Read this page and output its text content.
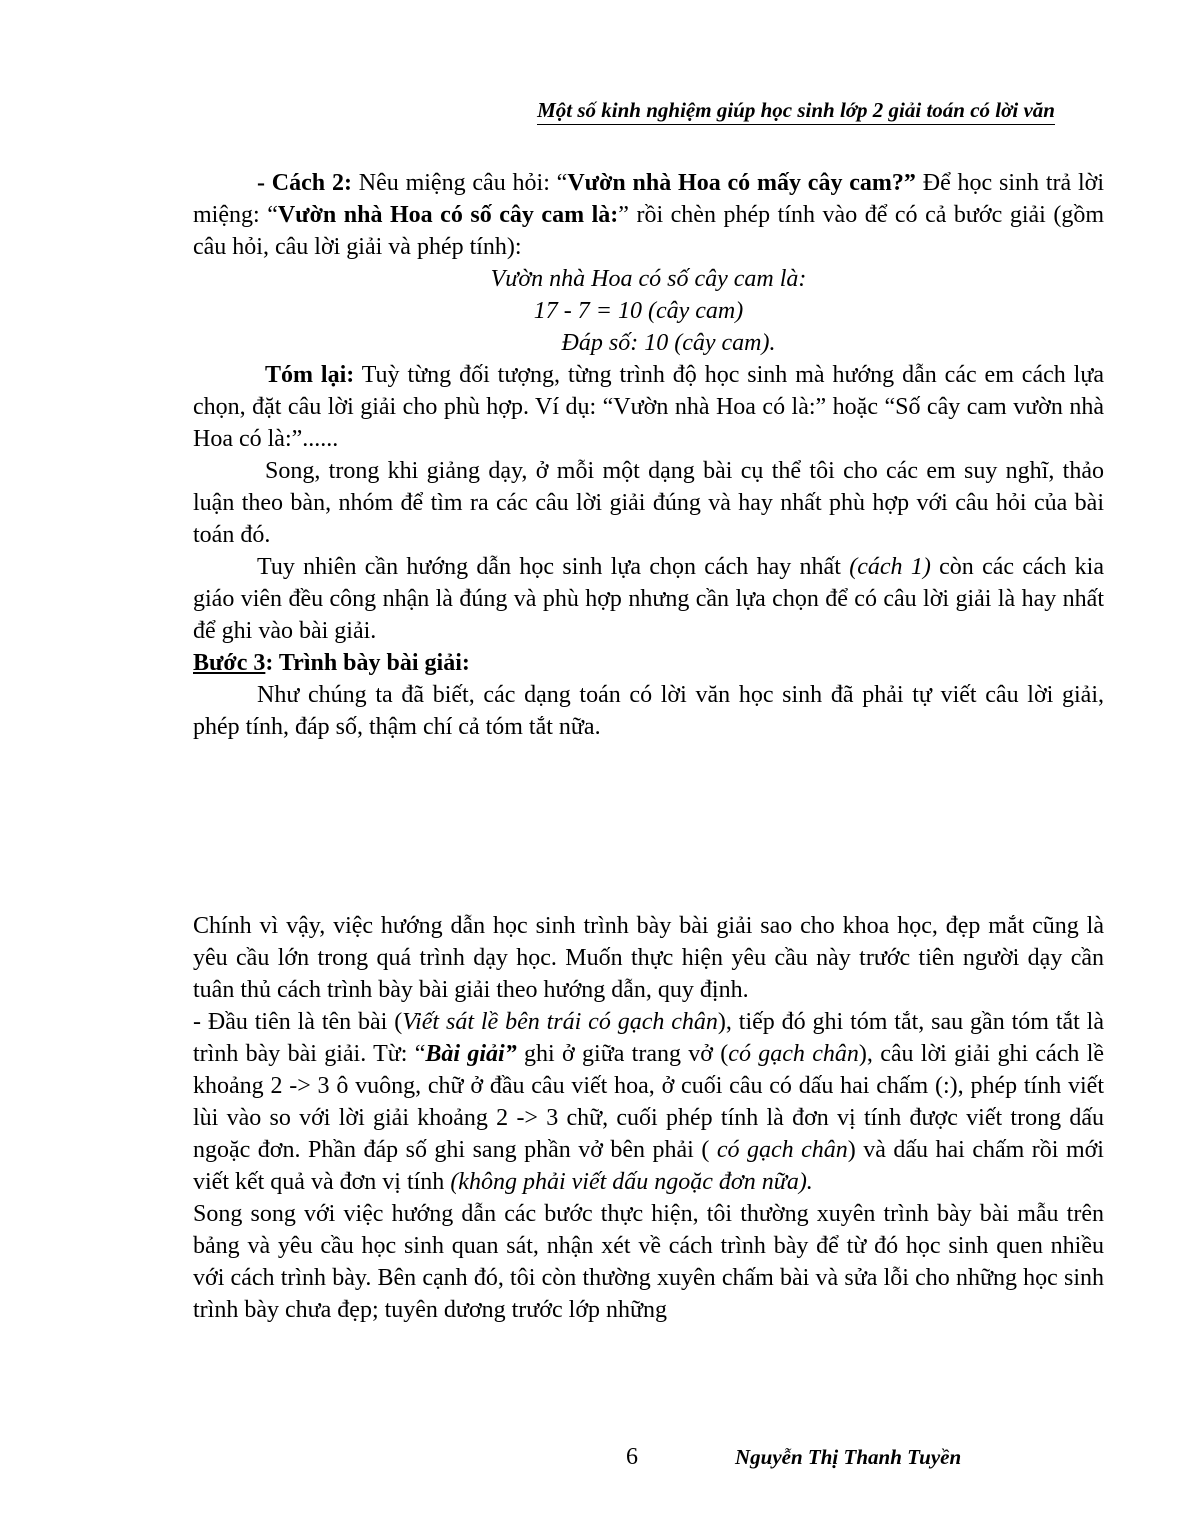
Một số kinh nghiệm giúp học sinh lớp 2 giải toán có lời văn

- Cách 2: Nêu miệng câu hỏi: “Vườn nhà Hoa có mấy cây cam?” Để học sinh trả lời miệng: “Vườn nhà Hoa có số cây cam là:” rồi chèn phép tính vào để có cả bước giải (gồm câu hỏi, câu lời giải và phép tính):

Vườn nhà Hoa có số cây cam là:

17 - 7 = 10 (cây cam)

Đáp số: 10 (cây cam).

Tóm lại: Tuỳ từng đối tượng, từng trình độ học sinh mà hướng dẫn các em cách lựa chọn, đặt câu lời giải cho phù hợp. Ví dụ: “Vườn nhà Hoa có là:” hoặc “Số cây cam vườn nhà Hoa có là:”......

Song, trong khi giảng dạy, ở mỗi một dạng bài cụ thể tôi cho các em suy nghĩ, thảo luận theo bàn, nhóm để tìm ra các câu lời giải đúng và hay nhất phù hợp với câu hỏi của bài toán đó.

Tuy nhiên cần hướng dẫn học sinh lựa chọn cách hay nhất (cách 1) còn các cách kia giáo viên đều công nhận là đúng và phù hợp nhưng cần lựa chọn để có câu lời giải là hay nhất để ghi vào bài giải.

Bước 3: Trình bày bài giải:

Như chúng ta đã biết, các dạng toán có lời văn học sinh đã phải tự viết câu lời giải, phép tính, đáp số, thậm chí cả tóm tắt nữa.

Chính vì vậy, việc hướng dẫn học sinh trình bày bài giải sao cho khoa học, đẹp mắt cũng là yêu cầu lớn trong quá trình dạy học. Muốn thực hiện yêu cầu này trước tiên người dạy cần tuân thủ cách trình bày bài giải theo hướng dẫn, quy định.

- Đầu tiên là tên bài (Viết sát lề bên trái có gạch chân), tiếp đó ghi tóm tắt, sau gần tóm tắt là trình bày bài giải. Từ: “Bài giải” ghi ở giữa trang vở (có gạch chân), câu lời giải ghi cách lề khoảng 2 -> 3 ô vuông, chữ ở đầu câu viết hoa, ở cuối câu có dấu hai chấm (:), phép tính viết lùi vào so với lời giải khoảng 2 -> 3 chữ, cuối phép tính là đơn vị tính được viết trong dấu ngoặc đơn. Phần đáp số ghi sang phần vở bên phải ( có gạch chân) và dấu hai chấm rồi mới viết kết quả và đơn vị tính (không phải viết dấu ngoặc đơn nữa).

Song song với việc hướng dẫn các bước thực hiện, tôi thường xuyên trình bày bài mẫu trên bảng và yêu cầu học sinh quan sát, nhận xét về cách trình bày để từ đó học sinh quen nhiều với cách trình bày. Bên cạnh đó, tôi còn thường xuyên chấm bài và sửa lỗi cho những học sinh trình bày chưa đẹp; tuyên dương trước lớp những

6	Nguyễn Thị Thanh Tuyền
